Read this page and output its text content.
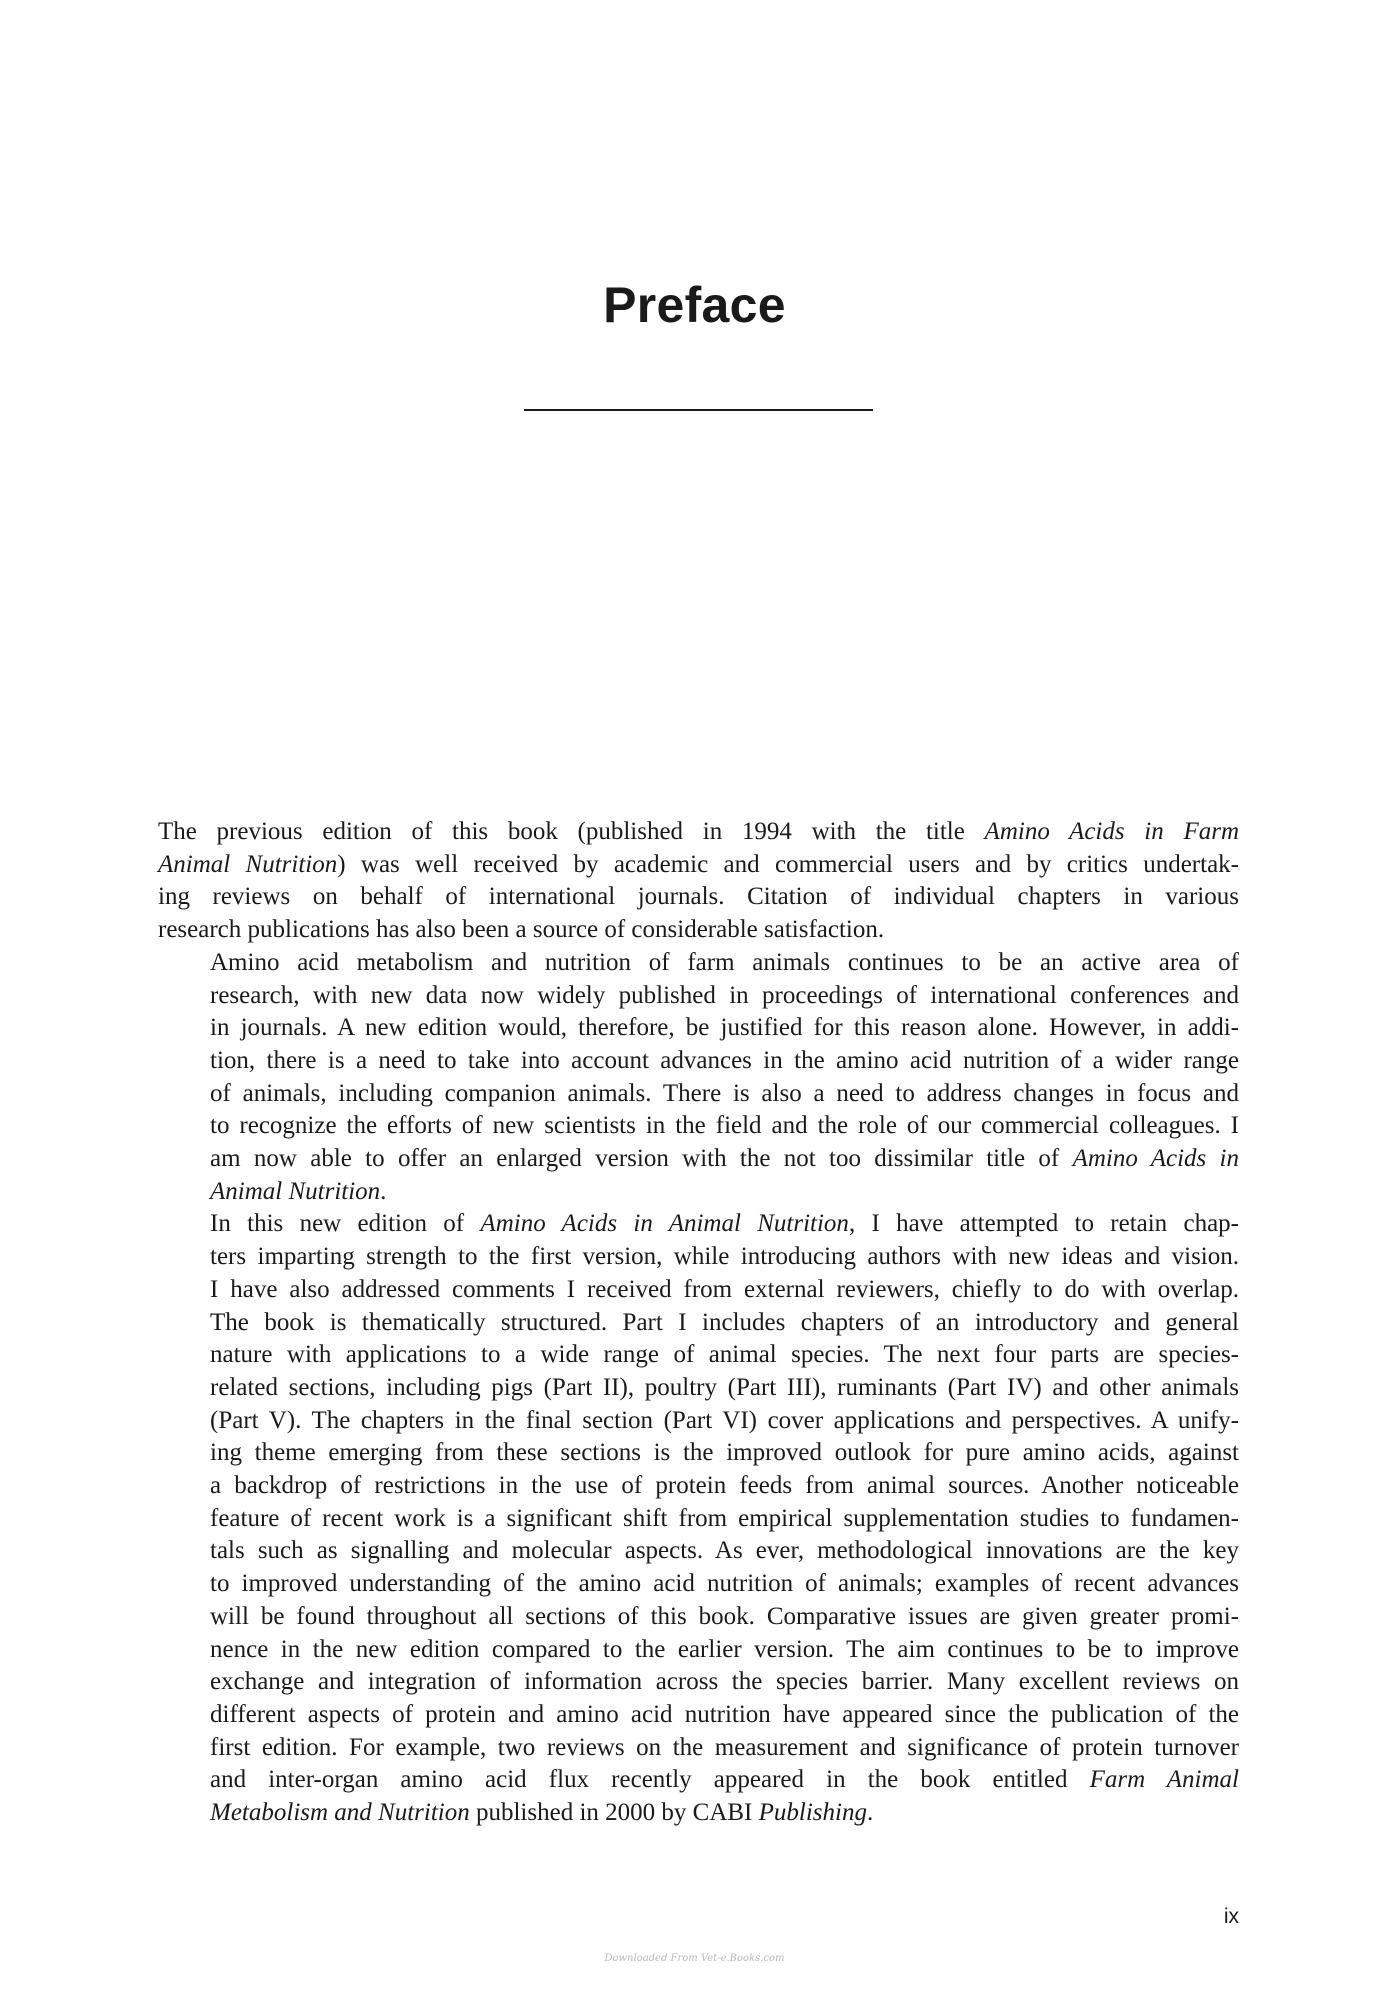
Preface

The previous edition of this book (published in 1994 with the title Amino Acids in Farm
Animal Nutrition) was well received by academic and commercial users and by critics undertak-
ing reviews on behalf of international journals. Citation of individual chapters in various
research publications has also been a source of considerable satisfaction.

Amino acid metabolism and nutrition of farm animals continues to be an active area of
research, with new data now widely published in proceedings of international conferences and
in journals. A new edition would, therefore, be justified for this reason alone. However, in addi-
tion, there is a need to take into account advances in the amino acid nutrition of a wider range
of animals, including companion animals. There is also a need to address changes in focus and
to recognize the efforts of new scientists in the field and the role of our commercial colleagues. I
am now able to offer an enlarged version with the not too dissimilar title of Amino Acids in
Animal Nutrition.

In this new edition of Amino Acids in Animal Nutrition, I have attempted to retain chap-
ters imparting strength to the first version, while introducing authors with new ideas and vision.
I have also addressed comments I received from external reviewers, chiefly to do with overlap.
The book is thematically structured. Part I includes chapters of an introductory and general
nature with applications to a wide range of animal species. The next four parts are species-
related sections, including pigs (Part II), poultry (Part III), ruminants (Part IV) and other animals
(Part V). The chapters in the final section (Part VI) cover applications and perspectives. A unify-
ing theme emerging from these sections is the improved outlook for pure amino acids, against
a backdrop of restrictions in the use of protein feeds from animal sources. Another noticeable
feature of recent work is a significant shift from empirical supplementation studies to fundamen-
tals such as signalling and molecular aspects. As ever, methodological innovations are the key
to improved understanding of the amino acid nutrition of animals; examples of recent advances
will be found throughout all sections of this book. Comparative issues are given greater promi-
nence in the new edition compared to the earlier version. The aim continues to be to improve
exchange and integration of information across the species barrier. Many excellent reviews on
different aspects of protein and amino acid nutrition have appeared since the publication of the
first edition. For example, two reviews on the measurement and significance of protein turnover
and inter-organ amino acid flux recently appeared in the book entitled Farm Animal
Metabolism and Nutrition published in 2000 by CABI Publishing.

ix
Downloaded From Vet-e.Books.com
